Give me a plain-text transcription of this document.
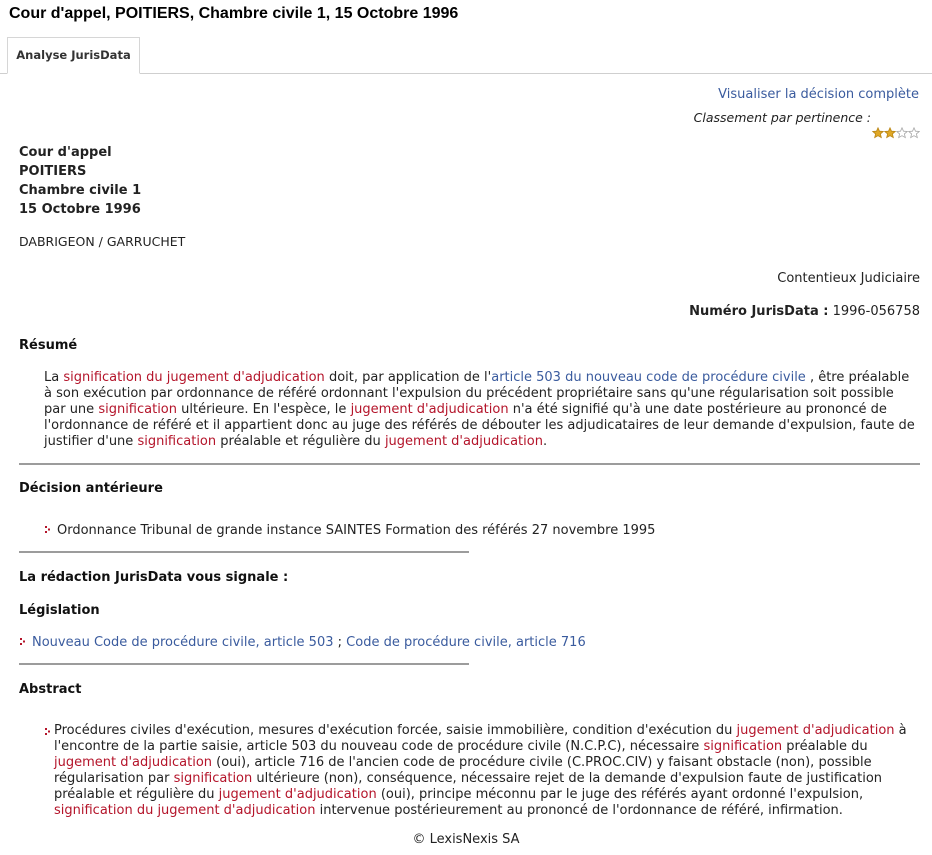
Cour d'appel, POITIERS, Chambre civile 1, 15 Octobre 1996
Analyse JurisData
Visualiser la décision complète
Classement par pertinence :
Cour d'appel
POITIERS
Chambre civile 1
15 Octobre 1996
DABRIGEON / GARRUCHET
Contentieux Judiciaire
Numéro JurisData : 1996-056758
Résumé
La signification du jugement d'adjudication doit, par application de l'article 503 du nouveau code de procédure civile , être préalable à son exécution par ordonnance de référé ordonnant l'expulsion du précédent propriétaire sans qu'une régularisation soit possible par une signification ultérieure. En l'espèce, le jugement d'adjudication n'a été signifié qu'à une date postérieure au prononcé de l'ordonnance de référé et il appartient donc au juge des référés de débouter les adjudicataires de leur demande d'expulsion, faute de justifier d'une signification préalable et régulière du jugement d'adjudication.
Décision antérieure
Ordonnance Tribunal de grande instance SAINTES Formation des référés 27 novembre 1995
La rédaction JurisData vous signale :
Législation
Nouveau Code de procédure civile, article 503 ; Code de procédure civile, article 716
Abstract
Procédures civiles d'exécution, mesures d'exécution forcée, saisie immobilière, condition d'exécution du jugement d'adjudication à l'encontre de la partie saisie, article 503 du nouveau code de procédure civile (N.C.P.C), nécessaire signification préalable du jugement d'adjudication (oui), article 716 de l'ancien code de procédure civile (C.PROC.CIV) y faisant obstacle (non), possible régularisation par signification ultérieure (non), conséquence, nécessaire rejet de la demande d'expulsion faute de justification préalable et régulière du jugement d'adjudication (oui), principe méconnu par le juge des référés ayant ordonné l'expulsion, signification du jugement d'adjudication intervenue postérieurement au prononcé de l'ordonnance de référé, infirmation.
© LexisNexis SA
